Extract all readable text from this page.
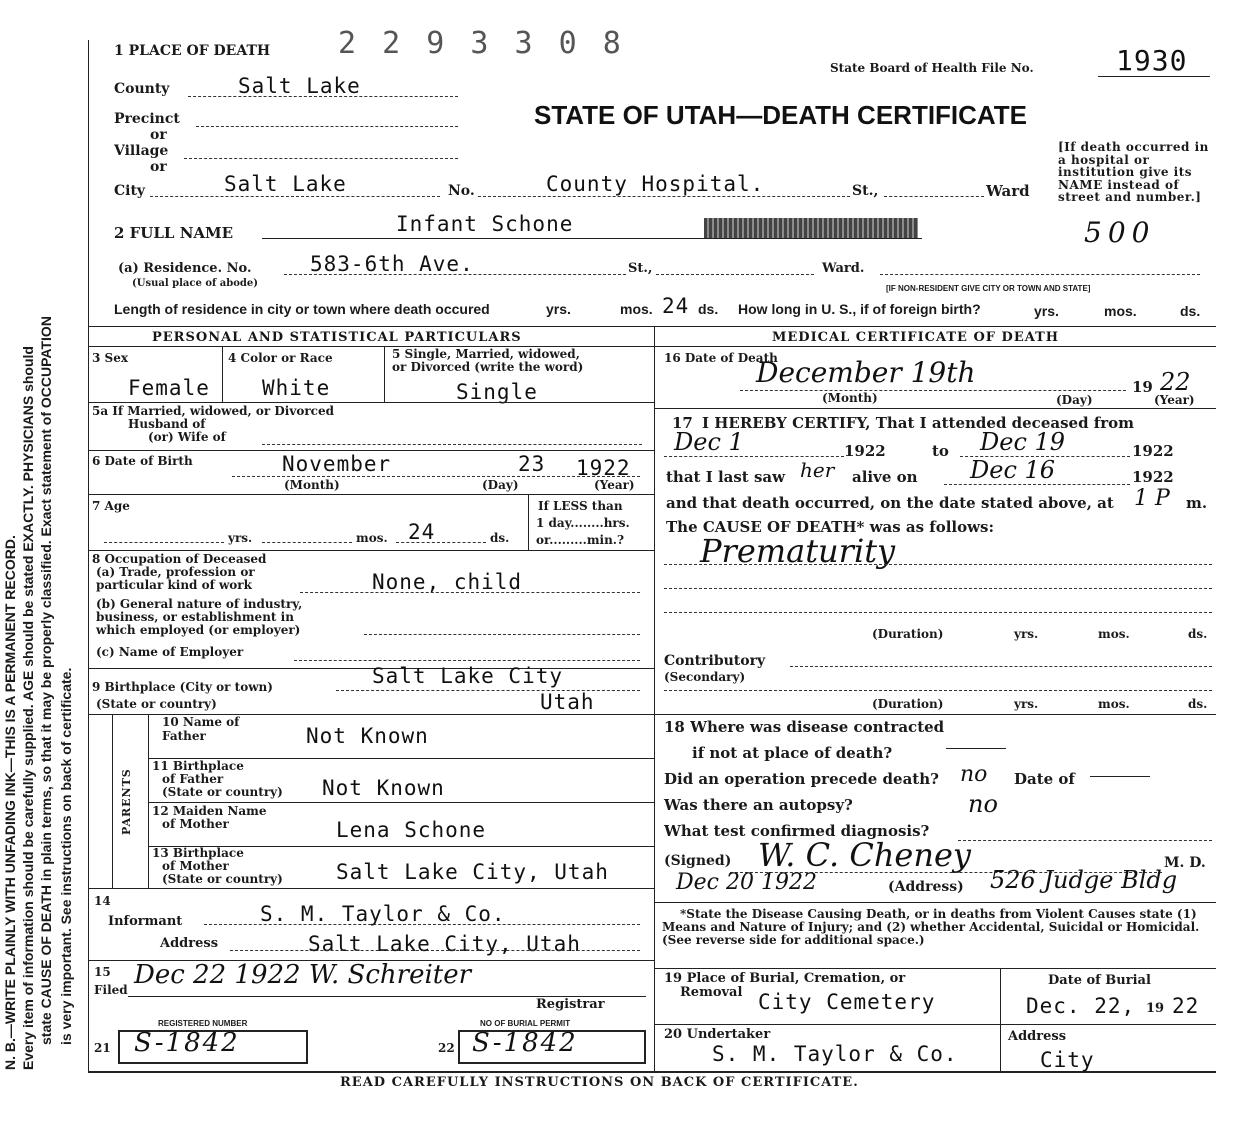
N. B.—WRITE PLAINLY WITH UNFADING INK—THIS IS A PERMANENT RECORD. Every item of information should be carefully supplied. AGE should be stated EXACTLY. PHYSICIANS should state CAUSE OF DEATH in plain terms, so that it may be properly classified. Exact statement of OCCUPATION is very important. See instructions on back of certificate.
1 PLACE OF DEATH 2 2 9 3 3 0 8
State Board of Health File No.	1930
STATE OF UTAH—DEATH CERTIFICATE
[If death occurred in a hospital or institution give its NAME instead of street and number.]
County	Salt Lake
Precinct
or
Village
or
City	Salt Lake	No.	County Hospital.	St.,	Ward
2 FULL NAME	Infant Schone	500
(a) Residence. No.
(Usual place of abode)
583-6th Ave.	St.,	Ward.
[IF NON-RESIDENT GIVE CITY OR TOWN AND STATE]
Length of residence in city or town where death occured	yrs.	mos. 24 ds. How long in U. S., if of foreign birth?	yrs.	mos.	ds.
PERSONAL AND STATISTICAL PARTICULARS
3 Sex
Female
4 Color or Race
White
5 Single, Married, widowed,
or Divorced (write the word)
Single
5a If Married, widowed, or Divorced
Husband of
(or) Wife of
6 Date of Birth	November	23 1922
(Month)	(Day)	(Year)
7 Age
yrs.	mos. 24	ds.
If LESS than
1 day........hrs.
or.........min.?
8 Occupation of Deceased
(a) Trade, profession or
particular kind of work	None, child
(b) General nature of industry,
business, or establishment in
which employed (or employer)
(c) Name of Employer
9 Birthplace (City or town)
(State or country)
Salt Lake City
Utah
PARENTS
10 Name of
Father	Not Known
11 Birthplace
of Father
(State or country) Not Known
12 Maiden Name
of Mother	Lena Schone
13 Birthplace
of Mother
(State or country)	Salt Lake City, Utah
14
Informant	S. M. Taylor & Co.
Address	Salt Lake City, Utah
15
Filed Dec 22 1922 W. Schreiter
Registrar
REGISTERED NUMBER
21 S-1842
NO OF BURIAL PERMIT
22 S-1842
MEDICAL CERTIFICATE OF DEATH
16 Date of Death
December 19th	19 22
(Month)	(Day)	(Year)
17 I HEREBY CERTIFY, That I attended deceased from
Dec 1	1922	to Dec 19	1922
that I last saw her alive on Dec 16	1922
and that death occurred, on the date stated above, at 1 P m.
The CAUSE OF DEATH* was as follows:
Prematurity
(Duration)	yrs.	mos.	ds.
Contributory
(Secondary)
(Duration)	yrs.	mos.	ds.
18 Where was disease contracted
if not at place of death?
Did an operation precede death? no Date of
Was there an autopsy?	no
What test confirmed diagnosis?
(Signed) W. C. Cheney	M. D.
Dec 20 1922	(Address) 526 Judge Bldg
*State the Disease Causing Death, or in deaths from Violent Causes state (1) Means and Nature of Injury; and (2) whether Accidental, Suicidal or Homicidal. (See reverse side for additional space.)
19 Place of Burial, Cremation, or
Removal City Cemetery
Date of Burial
Dec. 22, 19 22
20 Undertaker
S. M. Taylor & Co.
Address
City
READ CAREFULLY INSTRUCTIONS ON BACK OF CERTIFICATE.
